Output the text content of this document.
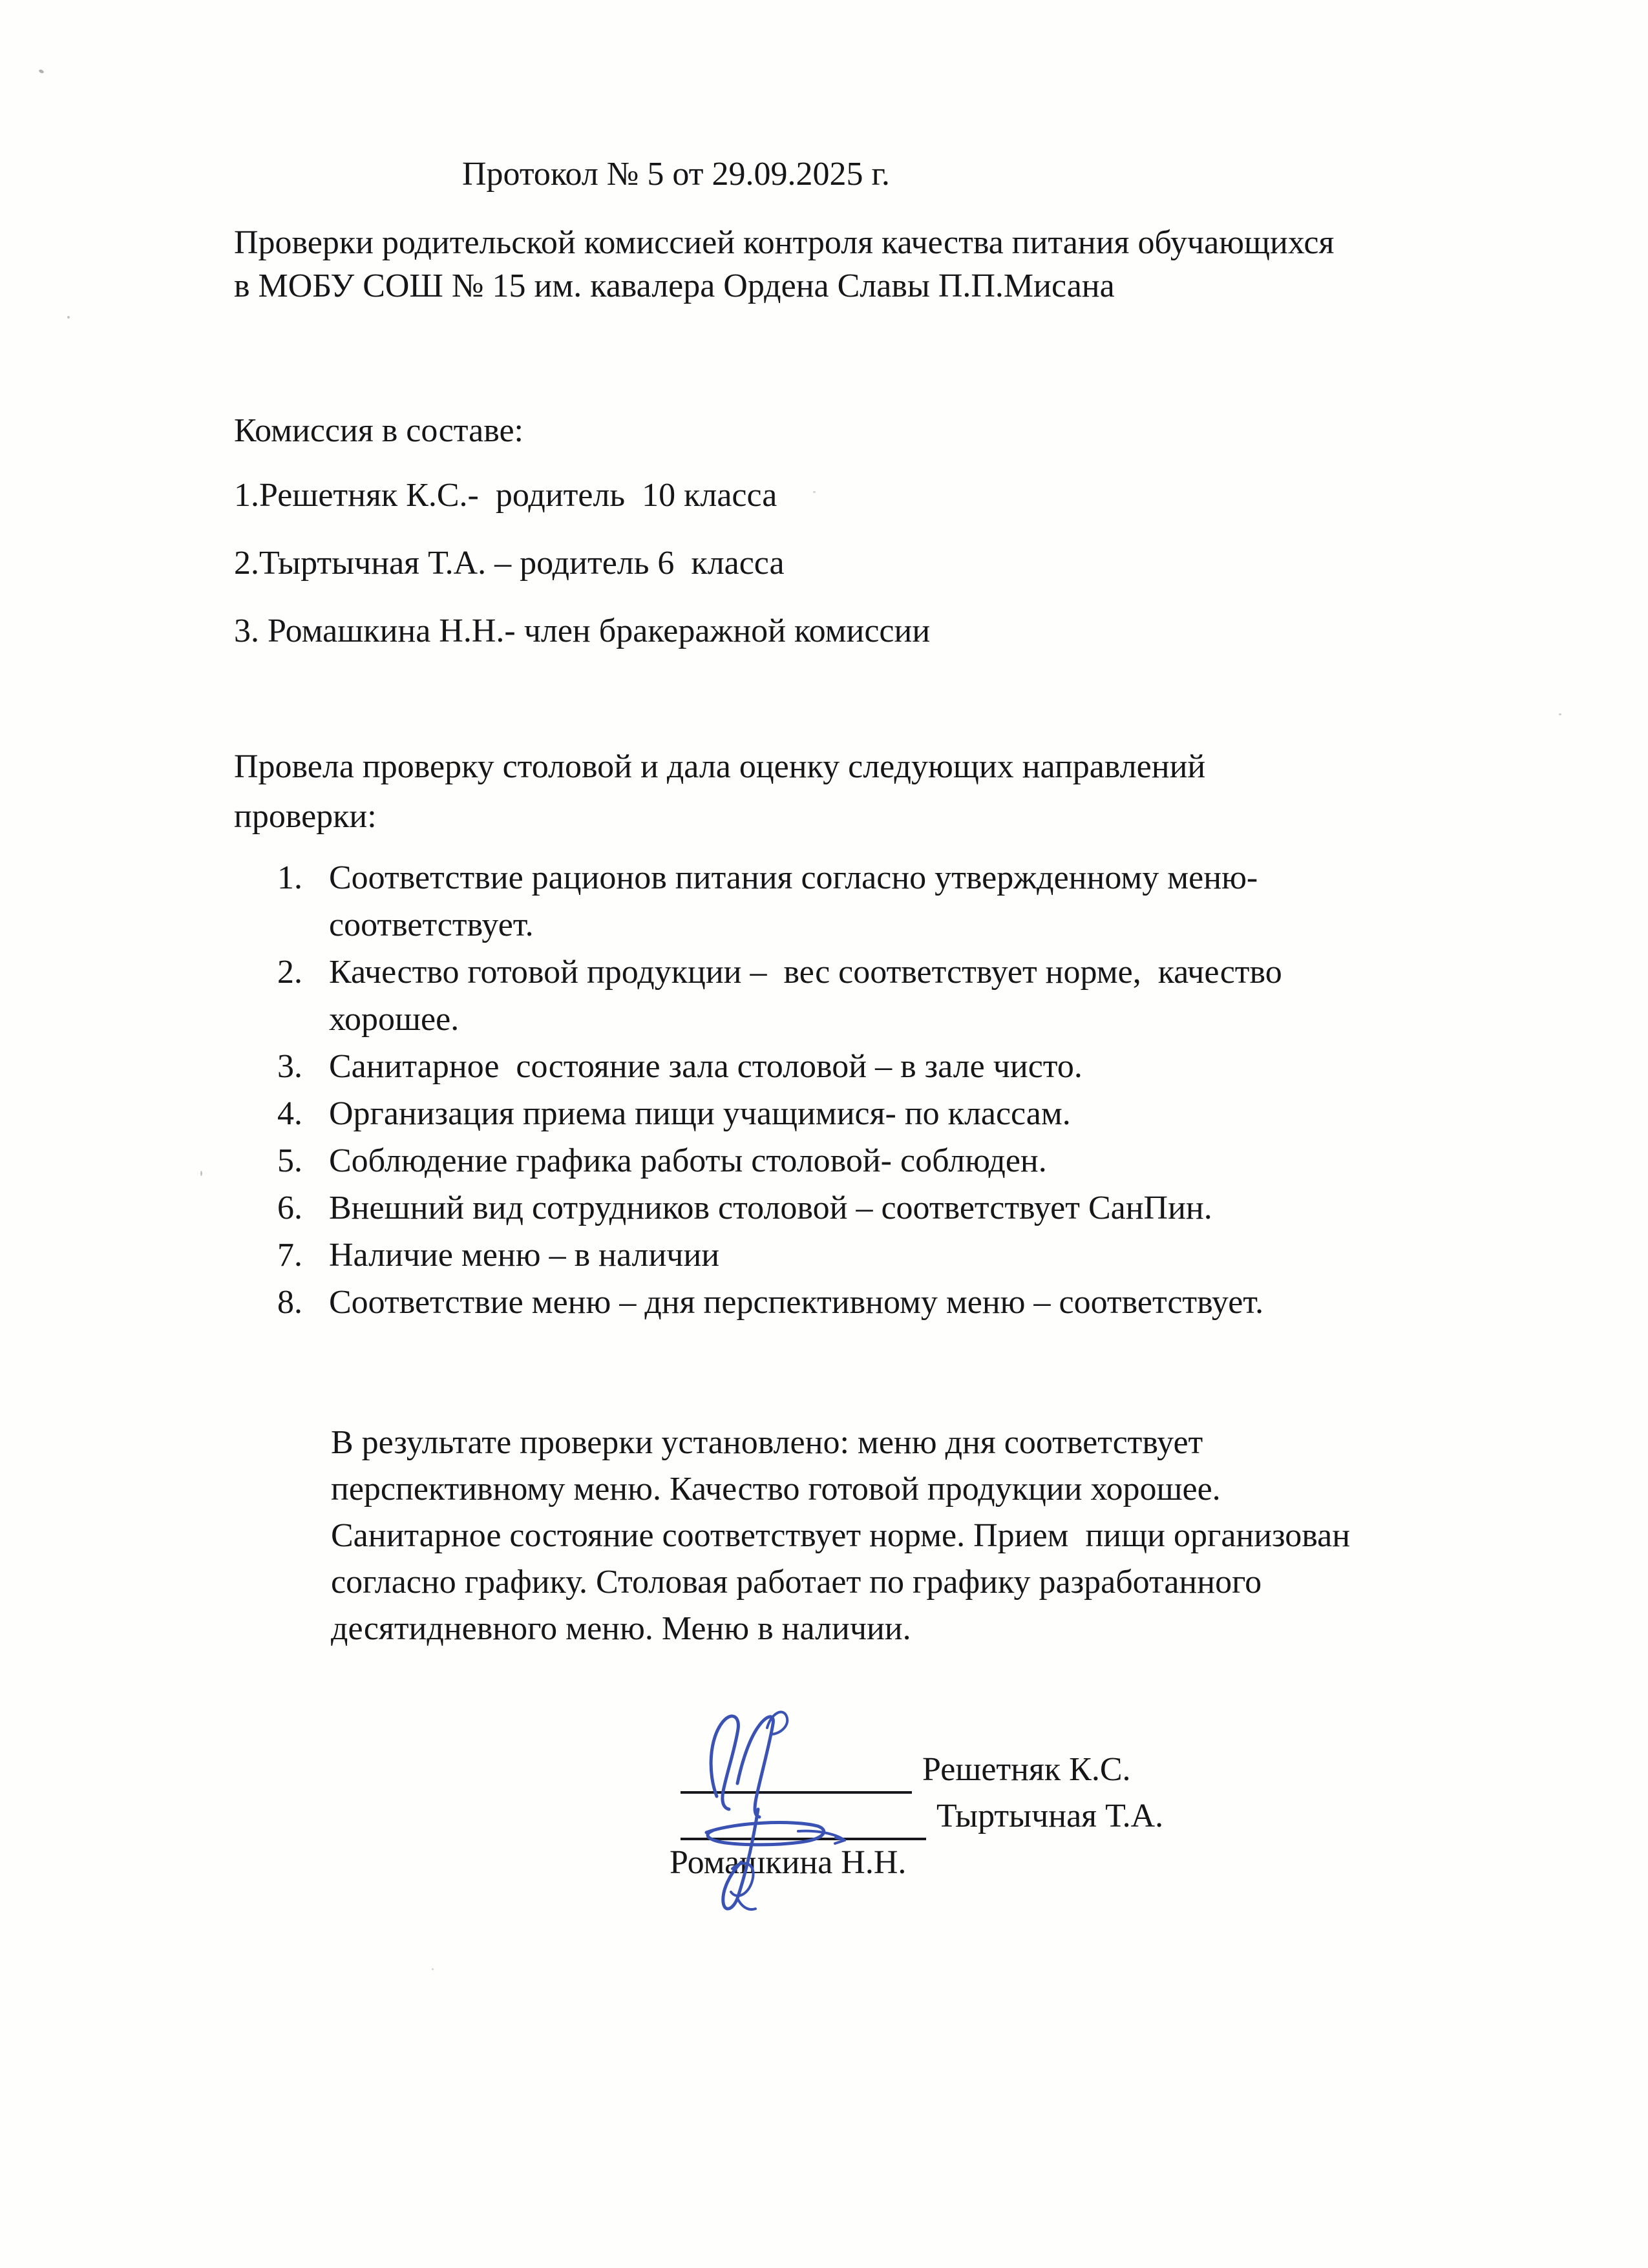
Протокол № 5 от 29.09.2025 г.
Проверки родительской комиссией контроля качества питания обучающихся
в МОБУ СОШ № 15 им. кавалера Ордена Славы П.П.Мисана
Комиссия в составе:
1.Решетняк К.С.-  родитель  10 класса
2.Тыртычная Т.А. – родитель 6  класса
3. Ромашкина Н.Н.- член бракеражной комиссии
Провела проверку столовой и дала оценку следующих направлений
проверки:
1. Соответствие рационов питания согласно утвержденному меню-
соответствует.
2. Качество готовой продукции –  вес соответствует норме,  качество
хорошее.
3. Санитарное  состояние зала столовой – в зале чисто.
4. Организация приема пищи учащимися- по классам.
5. Соблюдение графика работы столовой- соблюден.
6. Внешний вид сотрудников столовой – соответствует СанПин.
7. Наличие меню – в наличии
8. Соответствие меню – дня перспективному меню – соответствует.
В результате проверки установлено: меню дня соответствует
перспективному меню. Качество готовой продукции хорошее.
Санитарное состояние соответствует норме. Прием  пищи организован
согласно графику. Столовая работает по графику разработанного
десятидневного меню. Меню в наличии.
Решетняк К.С.
Тыртычная Т.А.
Ромашкина Н.Н.
